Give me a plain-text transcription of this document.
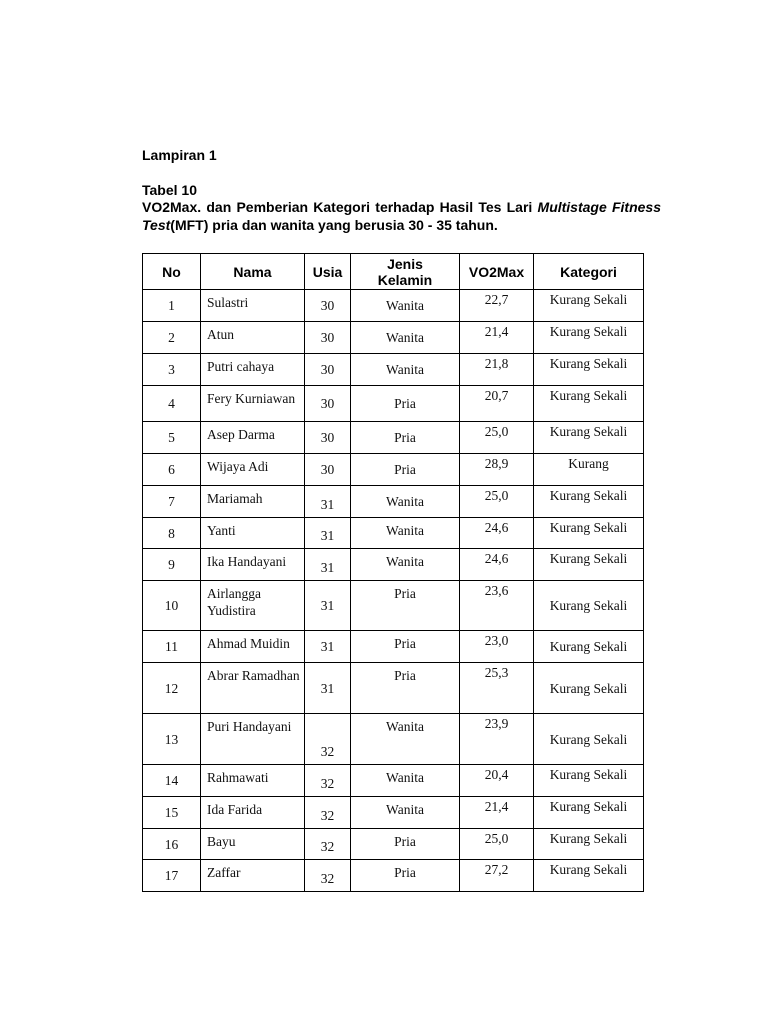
Lampiran 1
Tabel 10
VO2Max. dan Pemberian Kategori terhadap Hasil Tes Lari Multistage Fitness Test(MFT) pria dan wanita yang berusia 30 - 35 tahun.
No	Nama	Usia	Jenis Kelamin	VO2Max	Kategori
1	Sulastri	30	Wanita	22,7	Kurang Sekali
2	Atun	30	Wanita	21,4	Kurang Sekali
3	Putri cahaya	30	Wanita	21,8	Kurang Sekali
4	Fery Kurniawan	30	Pria	20,7	Kurang Sekali
5	Asep Darma	30	Pria	25,0	Kurang Sekali
6	Wijaya Adi	30	Pria	28,9	Kurang
7	Mariamah	31	Wanita	25,0	Kurang Sekali
8	Yanti	31	Wanita	24,6	Kurang Sekali
9	Ika Handayani	31	Wanita	24,6	Kurang Sekali
10	Airlangga Yudistira	31	Pria	23,6	Kurang Sekali
11	Ahmad Muidin	31	Pria	23,0	Kurang Sekali
12	Abrar Ramadhan	31	Pria	25,3	Kurang Sekali
13	Puri Handayani	32	Wanita	23,9	Kurang Sekali
14	Rahmawati	32	Wanita	20,4	Kurang Sekali
15	Ida Farida	32	Wanita	21,4	Kurang Sekali
16	Bayu	32	Pria	25,0	Kurang Sekali
17	Zaffar	32	Pria	27,2	Kurang Sekali
